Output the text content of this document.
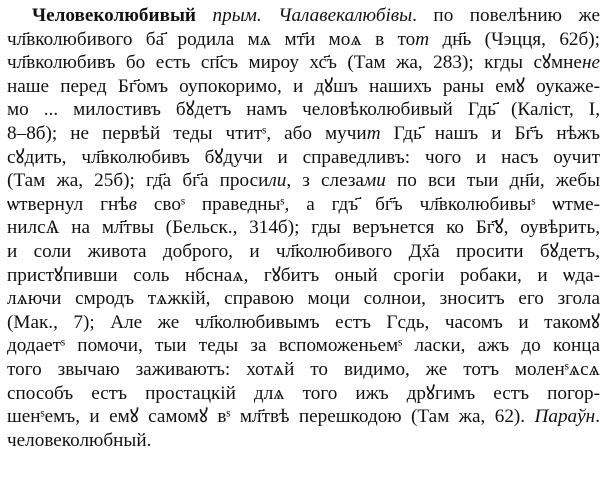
Человеколюбивый прым. Чалавекалюбівы. по повелѣнию же
чл҃вколюбивого ба҃ родила мѧ мт҃и моѧ в тот дн҃ь (Чэцця, 62б);
чл҃вколюбивъ бо есть сп҃съ мироу хс҃ъ (Там жа, 283); кгды сꙋмнене
наше перед Бг҃омъ оупокоримо, и дꙋшъ нашихъ раны емꙋ оукаже-
мо ... милостивъ бꙋдетъ намъ человѣколюбивый Гдь҃ (Каліст, І,
8–8б); не первѣй теды чтитˢ, або мучит Гдь҃ нашъ и Бг҃ъ нѣжъ
сꙋдить, чл҃вколюбивъ бꙋдучи и справедливъ: чого и насъ оучит
(Там жа, 25б); гд҃а бг҃а просили, з слезами по вси тыи дн҃и, жебы
ѡтвернул гнѣв своˢ праведныˢ, а гдъ҃ бг҃ъ чл҃вколюбивыˢ ѡтме-
нилсѦ на мл҃твы (Бельск., 314б); гды верънется ко Бг҃ꙋ, оувѣрить,
и соли живота доброго, и чл҃колюбивого Дх҃а просити бꙋдетъ,
пристꙋпивши соль нбснаѧ, гꙋбитъ оный срогіи робаки, и ѡда-
лѧючи смродъ тѧжкій, справою моци солнои, зноситъ его згола
(Мак., 7); Але же чл҃колюбивымъ естъ Гсдь, часомъ и такомꙋ
додаетˢ помочи, тыи теды за вспоможеньемˢ ласки, ажъ до конца
того звычаю заживаютъ: хотѧй то видимо, же тотъ моленˢѧсѧ
способъ естъ простацкій длѧ того ижъ дрꙋгимъ естъ погор-
шенˢемъ, и емꙋ самомꙋ вˢ мл҃твѣ перешкодою (Там жа, 62). Параўн.
человеколюбный.
